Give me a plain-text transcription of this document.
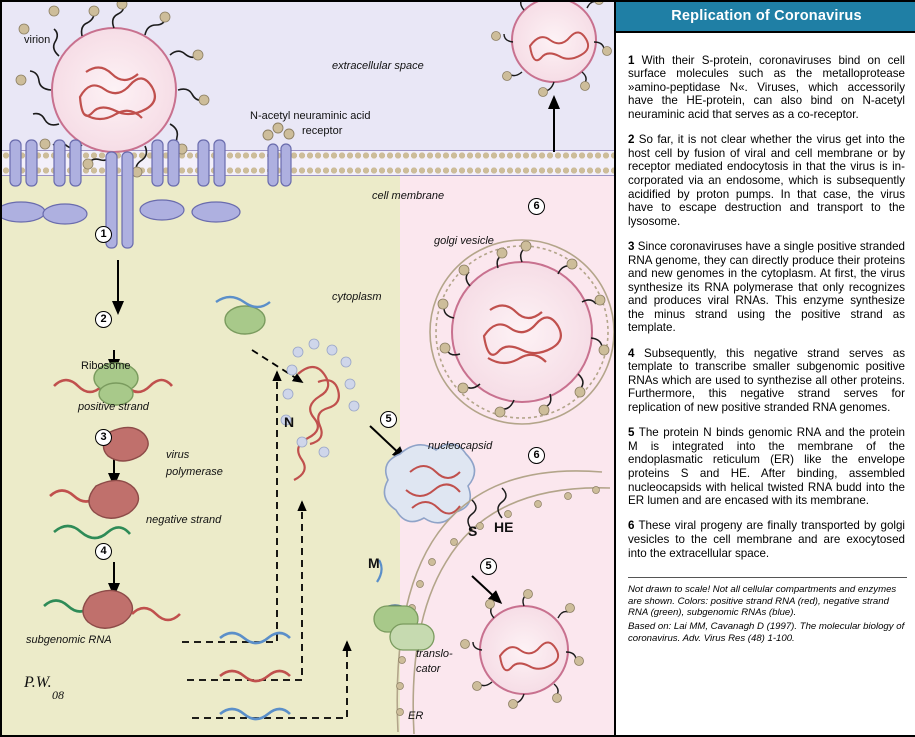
virion
extracellular space
N-acetyl neuraminic acid
receptor
cell membrane
cytoplasm
golgi vesicle
Ribosome
positive strand
virus
polymerase
negative strand
subgenomic RNA
N
nucleocapsid
S HE
M
translo-
cator
ER
1
2
3
4
5
6
6
5
P.W.
08
Replication of Coronavirus

1 With their S-protein, coronaviruses bind on cell surface molecules such as the metalloprotease »amino-peptidase N«. Viruses, which accessorily have the HE-protein, can also bind on N-acetyl neuraminic acid that serves as a co-receptor.

2 So far, it is not clear whether the virus get into the host cell by fusion of viral and cell membrane or by receptor mediated endocytosis in that the virus is in-corporated via an endosome, which is subsequently acidified by proton pumps. In that case, the virus have to escape destruction and transport to the lysosome.

3 Since coronaviruses have a single positive stranded RNA genome, they can directly produce their proteins and new genomes in the cytoplasm. At first, the virus synthesize its RNA polymerase that only recognizes and produces viral RNAs. This enzyme synthesize the minus strand using the positive strand as template.

4 Subsequently, this negative strand serves as template to transcribe smaller subgenomic positive RNAs which are used to synthezise all other proteins. Furthermore, this negative strand serves for replication of new positive stranded RNA genomes.

5 The protein N binds genomic RNA and the protein M is integrated into the membrane of the endoplasmatic reticulum (ER) like the envelope proteins S and HE. After binding, assembled nucleocapsids with helical twisted RNA budd into the ER lumen and are encased with its membrane.

6 These viral progeny are finally transported by golgi vesicles to the cell membrane and are exocytosed into the extracellular space.

Not drawn to scale! Not all cellular compartments and enzymes are shown. Colors: positive strand RNA (red), negative strand RNA (green), subgenomic RNAs (blue).

Based on: Lai MM, Cavanagh D (1997). The molecular biology of coronavirus. Adv. Virus Res (48) 1-100.
